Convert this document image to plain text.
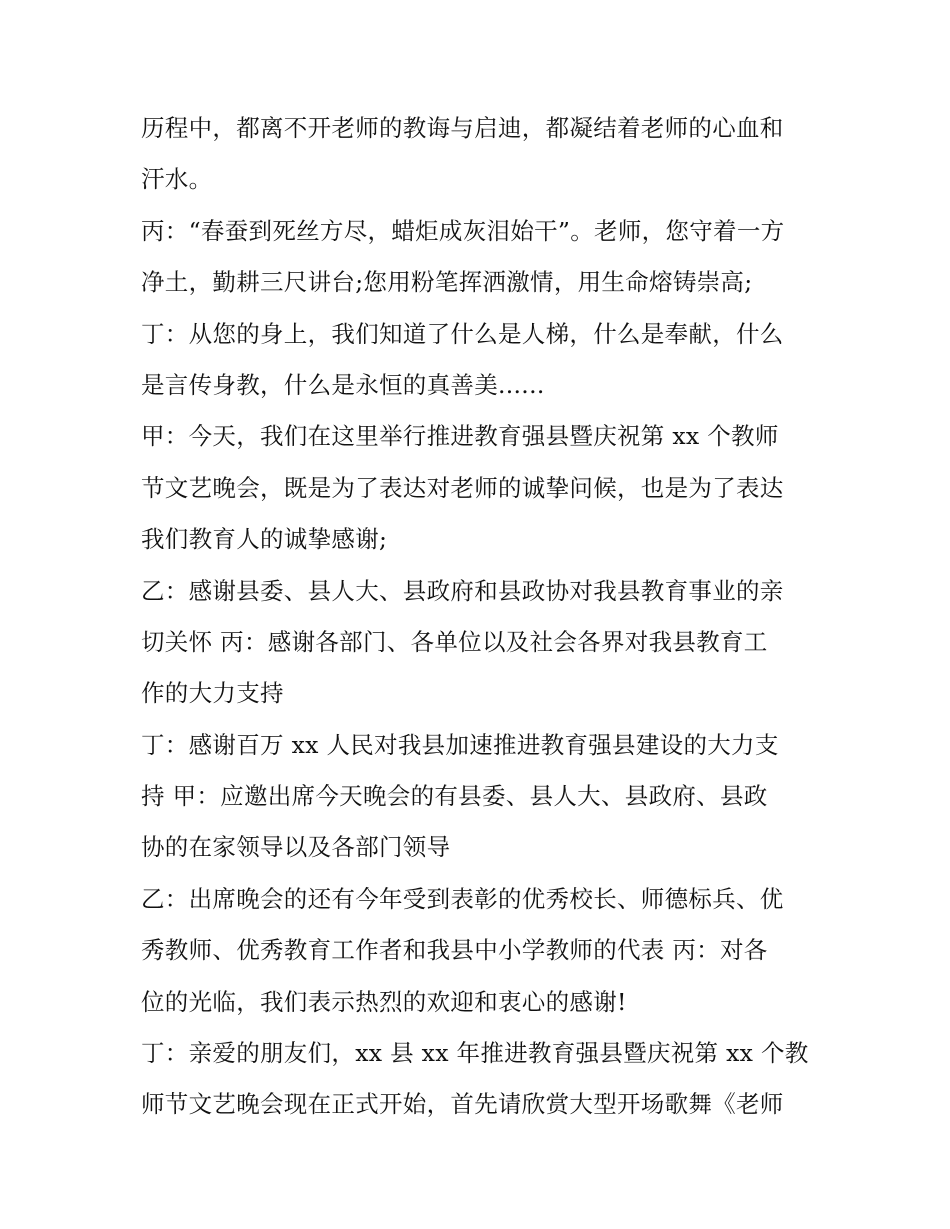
历程中，都离不开老师的教诲与启迪，都凝结着老师的心血和
汗水。
丙：“春蚕到死丝方尽，蜡炬成灰泪始干”。老师，您守着一方
净土，勤耕三尺讲台;您用粉笔挥洒激情，用生命熔铸崇高;
丁：从您的身上，我们知道了什么是人梯，什么是奉献，什么
是言传身教，什么是永恒的真善美......
甲：今天，我们在这里举行推进教育强县暨庆祝第 xx 个教师
节文艺晚会，既是为了表达对老师的诚挚问候，也是为了表达
我们教育人的诚挚感谢;
乙：感谢县委、县人大、县政府和县政协对我县教育事业的亲
切关怀 丙：感谢各部门、各单位以及社会各界对我县教育工
作的大力支持
丁：感谢百万 xx 人民对我县加速推进教育强县建设的大力支
持 甲：应邀出席今天晚会的有县委、县人大、县政府、县政
协的在家领导以及各部门领导
乙：出席晚会的还有今年受到表彰的优秀校长、师德标兵、优
秀教师、优秀教育工作者和我县中小学教师的代表 丙：对各
位的光临，我们表示热烈的欢迎和衷心的感谢!
丁：亲爱的朋友们，xx 县 xx 年推进教育强县暨庆祝第 xx 个教
师节文艺晚会现在正式开始，首先请欣赏大型开场歌舞《老师
